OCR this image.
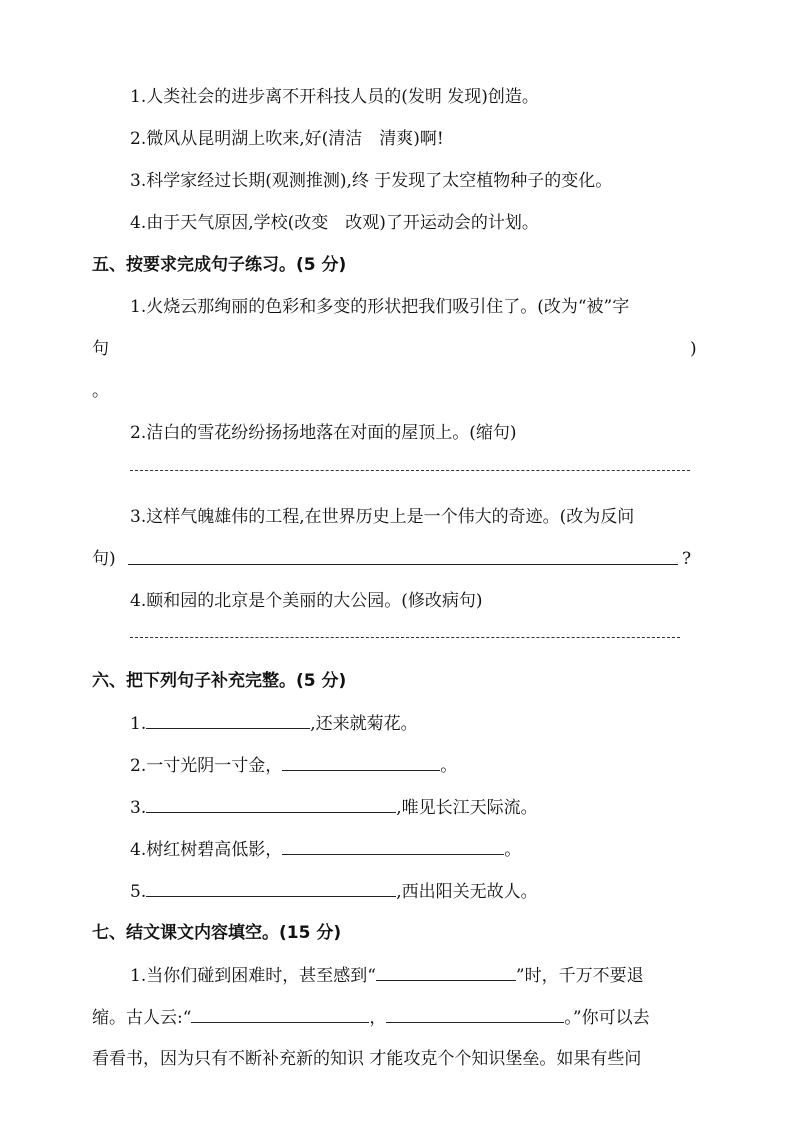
1.人类社会的进步离不开科技人员的(发明 发现)创造。
2.微风从昆明湖上吹来,好(清洁　清爽)啊!
3.科学家经过长期(观测推测),终 于发现了太空植物种子的变化。
4.由于天气原因,学校(改变　改观)了开运动会的计划。
五、按要求完成句子练习。(5 分)
1.火烧云那绚丽的色彩和多变的形状把我们吸引住了。(改为“被”字
句	)
。
2.洁白的雪花纷纷扬扬地落在对面的屋顶上。(缩句)
3.这样气魄雄伟的工程,在世界历史上是一个伟大的奇迹。(改为反问
句)	?
4.颐和园的北京是个美丽的大公园。(修改病句)
六、把下列句子补充完整。(5 分)
1.	,还来就菊花。
2.一寸光阴一寸金，	。
3.	,唯见长江天际流。
4.树红树碧高低影，	。
5.	,西出阳关无故人。
七、结文课文内容填空。(15 分)
1.当你们碰到困难时，甚至感到“	”时，千万不要退
缩。古人云:“	，	。”你可以去
看看书，因为只有不断补充新的知识 才能攻克个个知识堡垒。如果有些问
